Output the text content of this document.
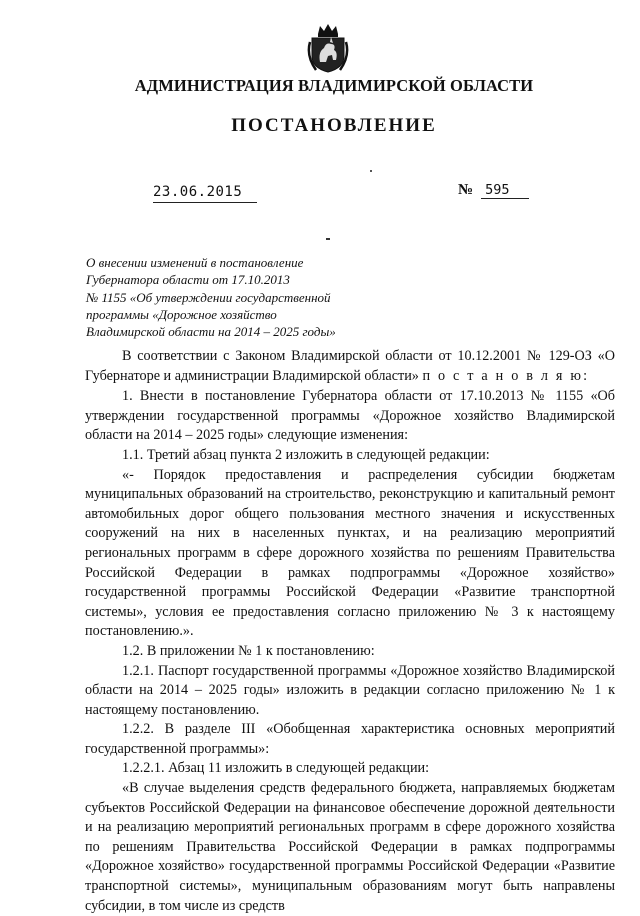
АДМИНИСТРАЦИЯ ВЛАДИМИРСКОЙ ОБЛАСТИ
ПОСТАНОВЛЕНИЕ
23.06.2015	№ 595
О внесении изменений в постановление
Губернатора области от 17.10.2013
№ 1155 «Об утверждении государственной
программы «Дорожное хозяйство
Владимирской области на 2014 – 2025 годы»

В соответствии с Законом Владимирской области от 10.12.2001 № 129-ОЗ «О Губернаторе и администрации Владимирской области» п о с т а н о в л я ю:

1. Внести в постановление Губернатора области от 17.10.2013 № 1155 «Об утверждении государственной программы «Дорожное хозяйство Владимирской области на 2014 – 2025 годы» следующие изменения:

1.1. Третий абзац пункта 2 изложить в следующей редакции:

«- Порядок предоставления и распределения субсидии бюджетам муниципальных образований на строительство, реконструкцию и капитальный ремонт автомобильных дорог общего пользования местного значения и искусственных сооружений на них в населенных пунктах, и на реализацию мероприятий региональных программ в сфере дорожного хозяйства по решениям Правительства Российской Федерации в рамках подпрограммы «Дорожное хозяйство» государственной программы Российской Федерации «Развитие транспортной системы», условия ее предоставления согласно приложению № 3 к настоящему постановлению.».

1.2. В приложении № 1 к постановлению:

1.2.1. Паспорт государственной программы «Дорожное хозяйство Владимирской области на 2014 – 2025 годы» изложить в редакции согласно приложению № 1 к настоящему постановлению.

1.2.2. В разделе III «Обобщенная характеристика основных мероприятий государственной программы»:

1.2.2.1. Абзац 11 изложить в следующей редакции:

«В случае выделения средств федерального бюджета, направляемых бюджетам субъектов Российской Федерации на финансовое обеспечение дорожной деятельности и на реализацию мероприятий региональных программ в сфере дорожного хозяйства по решениям Правительства Российской Федерации в рамках подпрограммы «Дорожное хозяйство» государственной программы Российской Федерации «Развитие транспортной системы», муниципальным образованиям могут быть направлены субсидии, в том числе из средств
